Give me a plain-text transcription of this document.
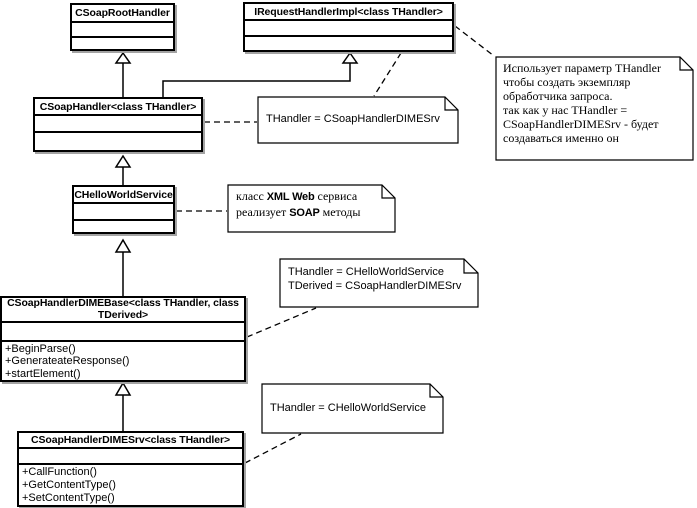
CSoapRootHandler	IRequestHandlerImpl<class THandler>
CSoapHandler<class THandler>
CHelloWorldService
CSoapHandlerDIMEBase<class THandler, class
TDerived>
+BeginParse()
+GenerateateResponse()
+startElement()
CSoapHandlerDIMESrv<class THandler>
+CallFunction()
+GetContentType()
+SetContentType()
Использует параметр THandler
чтобы создать экземпляр
обработчика запроса.
так как у нас THandler =
CSoapHandlerDIMESrv - будет
создаваться именно он
THandler = CSoapHandlerDIMESrv
класс XML Web сервиса
реализует SOAP методы
THandler = CHelloWorldService
TDerived = CSoapHandlerDIMESrv
THandler = CHelloWorldService
